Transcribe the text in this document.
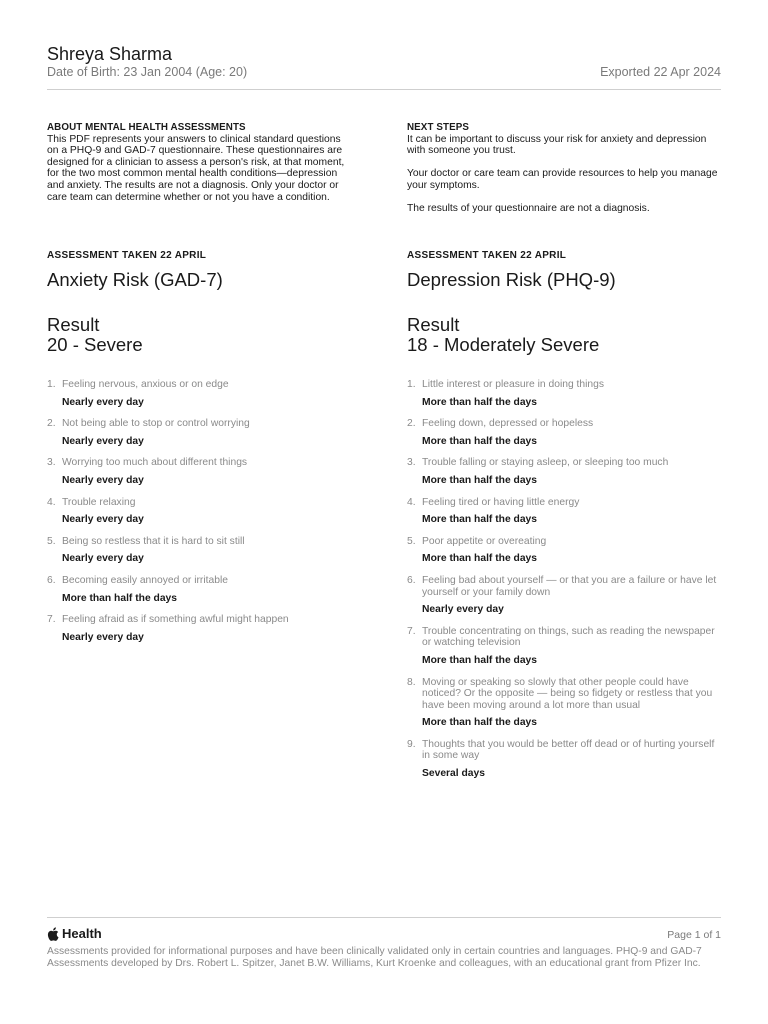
Shreya Sharma
Date of Birth: 23 Jan 2004 (Age: 20)	Exported 22 Apr 2024
ABOUT MENTAL HEALTH ASSESSMENTS

This PDF represents your answers to clinical standard questions on a PHQ-9 and GAD-7 questionnaire. These questionnaires are designed for a clinician to assess a person's risk, at that moment, for the two most common mental health conditions—depression and anxiety. The results are not a diagnosis. Only your doctor or care team can determine whether or not you have a condition.

NEXT STEPS

It can be important to discuss your risk for anxiety and depression with someone you trust.

Your doctor or care team can provide resources to help you manage your symptoms.

The results of your questionnaire are not a diagnosis.

ASSESSMENT TAKEN 22 APRIL
Anxiety Risk (GAD-7)
Result
20 - Severe
1. Feeling nervous, anxious or on edge
Nearly every day
2. Not being able to stop or control worrying
Nearly every day
3. Worrying too much about different things
Nearly every day
4. Trouble relaxing
Nearly every day
5. Being so restless that it is hard to sit still
Nearly every day
6. Becoming easily annoyed or irritable
More than half the days
7. Feeling afraid as if something awful might happen
Nearly every day
ASSESSMENT TAKEN 22 APRIL
Depression Risk (PHQ-9)
Result
18 - Moderately Severe
1. Little interest or pleasure in doing things
More than half the days
2. Feeling down, depressed or hopeless
More than half the days
3. Trouble falling or staying asleep, or sleeping too much
More than half the days
4. Feeling tired or having little energy
More than half the days
5. Poor appetite or overeating
More than half the days
6. Feeling bad about yourself — or that you are a failure or have let yourself or your family down
Nearly every day
7. Trouble concentrating on things, such as reading the newspaper or watching television
More than half the days
8. Moving or speaking so slowly that other people could have noticed? Or the opposite — being so fidgety or restless that you have been moving around a lot more than usual
More than half the days
9. Thoughts that you would be better off dead or of hurting yourself in some way
Several days
Health	Page 1 of 1
Assessments provided for informational purposes and have been clinically validated only in certain countries and languages. PHQ-9 and GAD-7 Assessments developed by Drs. Robert L. Spitzer, Janet B.W. Williams, Kurt Kroenke and colleagues, with an educational grant from Pfizer Inc.
